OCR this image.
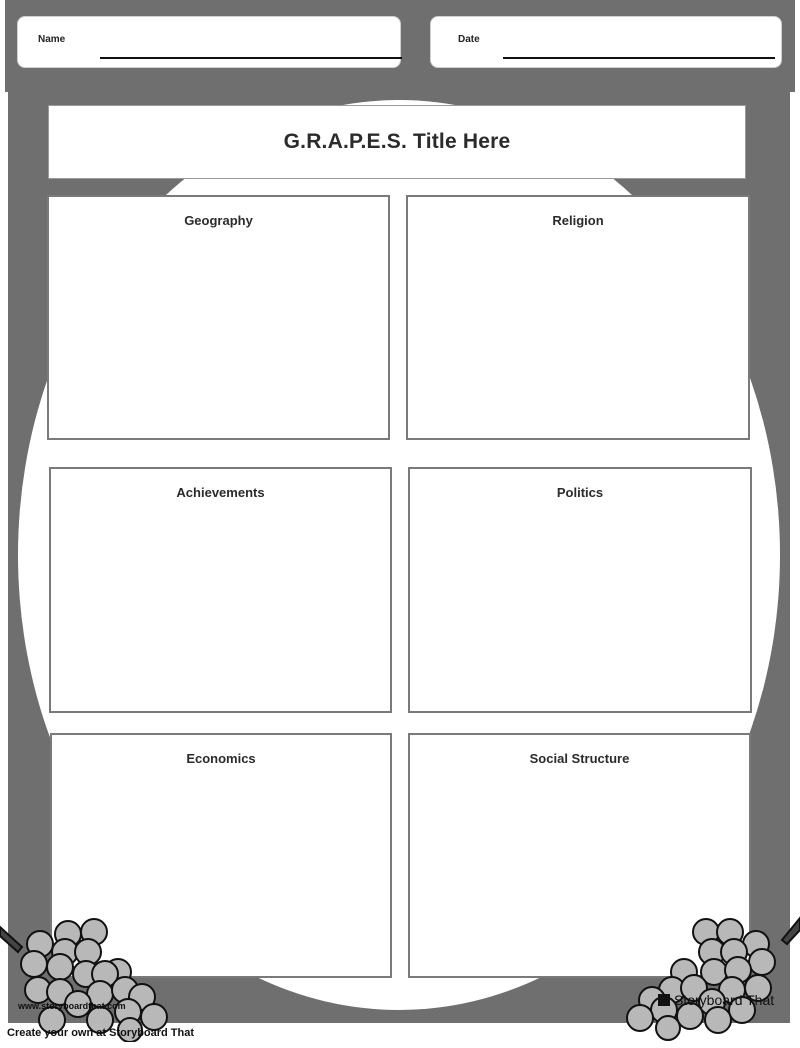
Name	Date
G.R.A.P.E.S. Title Here
Geography	Religion
Achievements	Politics
Economics	Social Structure
www.storyboardthat.com	Storyboard That
Create your own at Storyboard That
